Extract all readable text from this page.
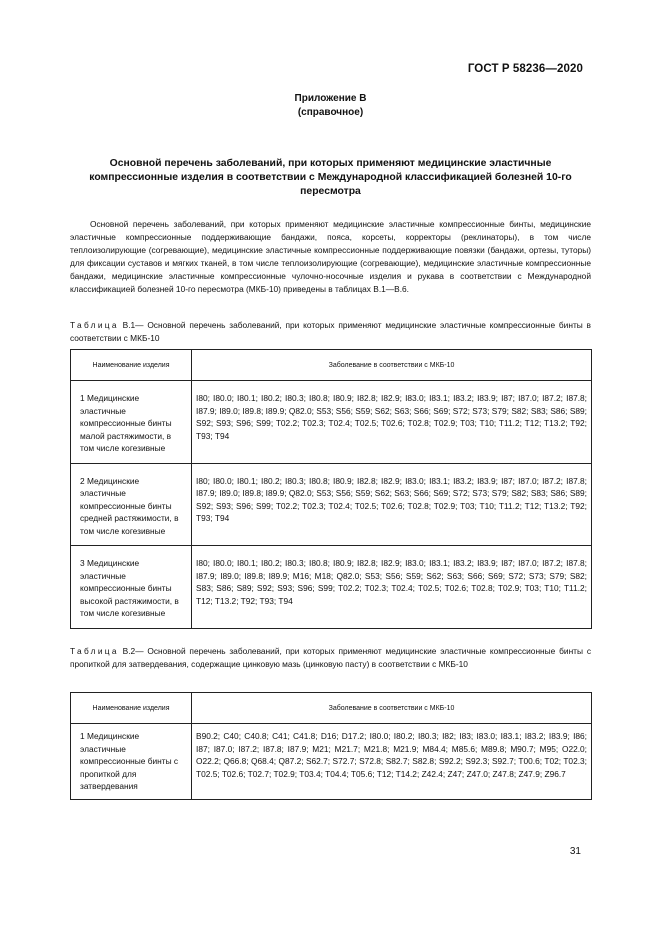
ГОСТ Р 58236—2020
Приложение В
(справочное)
Основной перечень заболеваний, при которых применяют медицинские эластичные компрессионные изделия в соответствии с Международной классификацией болезней 10-го пересмотра

Основной перечень заболеваний, при которых применяют медицинские эластичные компрессионные бинты, медицинские эластичные компрессионные поддерживающие бандажи, пояса, корсеты, корректоры (реклинаторы), в том числе теплоизолирующие (согревающие), медицинские эластичные компрессионные поддерживающие повязки (бандажи, ортезы, туторы) для фиксации суставов и мягких тканей, в том числе теплоизолирующие (согревающие), медицинские эластичные компрессионные бандажи, медицинские эластичные компрессионные чулочно-носочные изделия и рукава в соответствии с Международной классификацией болезней 10-го пересмотра (МКБ-10) приведены в таблицах В.1—В.6.

Таблица В.1— Основной перечень заболеваний, при которых применяют медицинские эластичные компрессионные бинты в соответствии с МКБ-10
Наименование изделия	Заболевание в соответствии с МКБ-10
1 Медицинские эластичные компрессионные бинты малой растяжимости, в том числе когезивные	I80; I80.0; I80.1; I80.2; I80.3; I80.8; I80.9; I82.8; I82.9; I83.0; I83.1; I83.2; I83.9; I87; I87.0; I87.2; I87.8; I87.9; I89.0; I89.8; I89.9; Q82.0; S53; S56; S59; S62; S63; S66; S69; S72; S73; S79; S82; S83; S86; S89; S92; S93; S96; S99; T02.2; T02.3; T02.4; T02.5; T02.6; T02.8; T02.9; T03; T10; T11.2; T12; T13.2; T92; T93; T94
2 Медицинские эластичные компрессионные бинты средней растяжимости, в том числе когезивные	I80; I80.0; I80.1; I80.2; I80.3; I80.8; I80.9; I82.8; I82.9; I83.0; I83.1; I83.2; I83.9; I87; I87.0; I87.2; I87.8; I87.9; I89.0; I89.8; I89.9; Q82.0; S53; S56; S59; S62; S63; S66; S69; S72; S73; S79; S82; S83; S86; S89; S92; S93; S96; S99; T02.2; T02.3; T02.4; T02.5; T02.6; T02.8; T02.9; T03; T10; T11.2; T12; T13.2; T92; T93; T94
3 Медицинские эластичные компрессионные бинты высокой растяжимости, в том числе когезивные	I80; I80.0; I80.1; I80.2; I80.3; I80.8; I80.9; I82.8; I82.9; I83.0; I83.1; I83.2; I83.9; I87; I87.0; I87.2; I87.8; I87.9; I89.0; I89.8; I89.9; M16; M18; Q82.0; S53; S56; S59; S62; S63; S66; S69; S72; S73; S79; S82; S83; S86; S89; S92; S93; S96; S99; T02.2; T02.3; T02.4; T02.5; T02.6; T02.8; T02.9; T03; T10; T11.2; T12; T13.2; T92; T93; T94
Таблица В.2— Основной перечень заболеваний, при которых применяют медицинские эластичные компрессионные бинты с пропиткой для затвердевания, содержащие цинковую мазь (цинковую пасту) в соответствии с МКБ-10
Наименование изделия	Заболевание в соответствии с МКБ-10
1 Медицинские эластичные компрессионные бинты с пропиткой для затвердевания	B90.2; C40; C40.8; C41; C41.8; D16; D17.2; I80.0; I80.2; I80.3; I82; I83; I83.0; I83.1; I83.2; I83.9; I86; I87; I87.0; I87.2; I87.8; I87.9; M21; M21.7; M21.8; M21.9; M84.4; M85.6; M89.8; M90.7; M95; O22.0; O22.2; Q66.8; Q68.4; Q87.2; S62.7; S72.7; S72.8; S82.7; S82.8; S92.2; S92.3; S92.7; T00.6; T02; T02.3; T02.5; T02.6; T02.7; T02.9; T03.4; T04.4; T05.6; T12; T14.2; Z42.4; Z47; Z47.0; Z47.8; Z47.9; Z96.7
31
